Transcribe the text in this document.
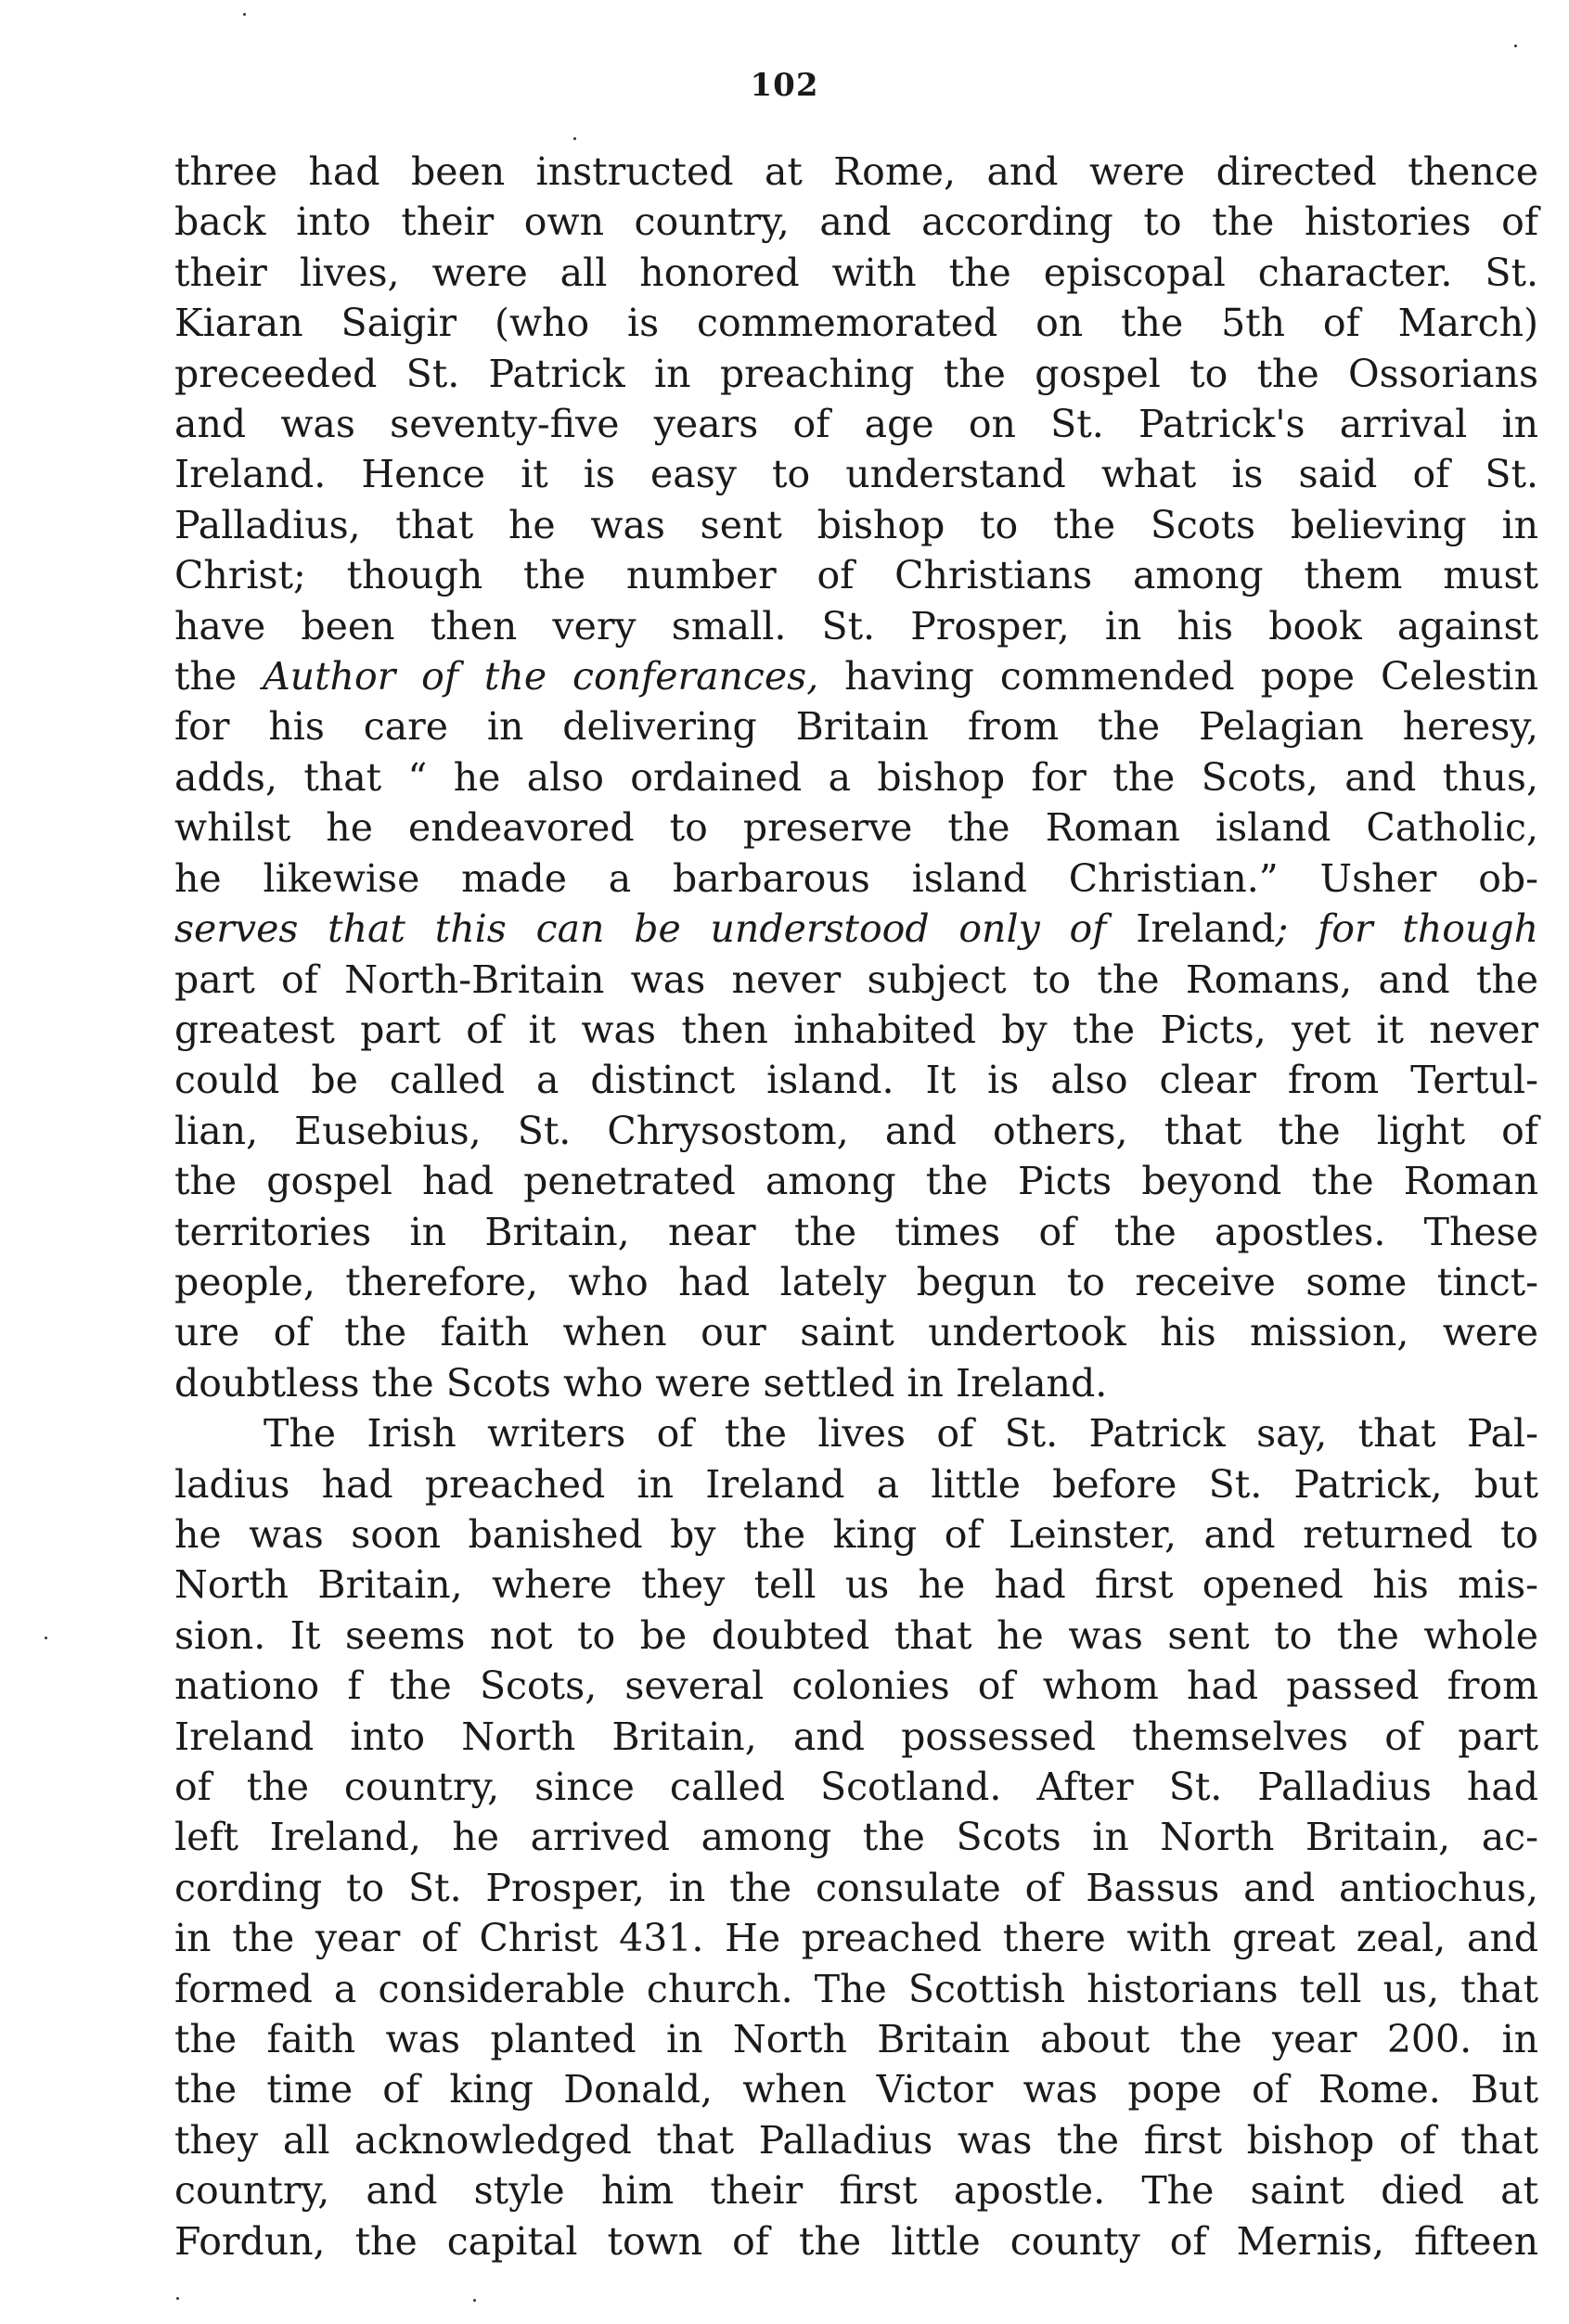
102
three had been instructed at Rome, and were directed thence
back into their own country, and according to the histories of
their lives, were all honored with the episcopal character. St.
Kiaran Saigir (who is commemorated on the 5th of March)
preceeded St. Patrick in preaching the gospel to the Ossorians
and was seventy-five years of age on St. Patrick's arrival in
Ireland. Hence it is easy to understand what is said of St.
Palladius, that he was sent bishop to the Scots believing in
Christ; though the number of Christians among them must
have been then very small. St. Prosper, in his book against
the Author of the conferances, having commended pope Celestin
for his care in delivering Britain from the Pelagian heresy,
adds, that “ he also ordained a bishop for the Scots, and thus,
whilst he endeavored to preserve the Roman island Catholic,
he likewise made a barbarous island Christian.” Usher ob-
serves that this can be understood only of Ireland; for though
part of North-Britain was never subject to the Romans, and the
greatest part of it was then inhabited by the Picts, yet it never
could be called a distinct island. It is also clear from Tertul-
lian, Eusebius, St. Chrysostom, and others, that the light of
the gospel had penetrated among the Picts beyond the Roman
territories in Britain, near the times of the apostles. These
people, therefore, who had lately begun to receive some tinct-
ure of the faith when our saint undertook his mission, were
doubtless the Scots who were settled in Ireland.
The Irish writers of the lives of St. Patrick say, that Pal-
ladius had preached in Ireland a little before St. Patrick, but
he was soon banished by the king of Leinster, and returned to
North Britain, where they tell us he had first opened his mis-
sion. It seems not to be doubted that he was sent to the whole
nationo f the Scots, several colonies of whom had passed from
Ireland into North Britain, and possessed themselves of part
of the country, since called Scotland. After St. Palladius had
left Ireland, he arrived among the Scots in North Britain, ac-
cording to St. Prosper, in the consulate of Bassus and antiochus,
in the year of Christ 431. He preached there with great zeal, and
formed a considerable church. The Scottish historians tell us, that
the faith was planted in North Britain about the year 200. in
the time of king Donald, when Victor was pope of Rome. But
they all acknowledged that Palladius was the first bishop of that
country, and style him their first apostle. The saint died at
Fordun, the capital town of the little county of Mernis, fifteen
